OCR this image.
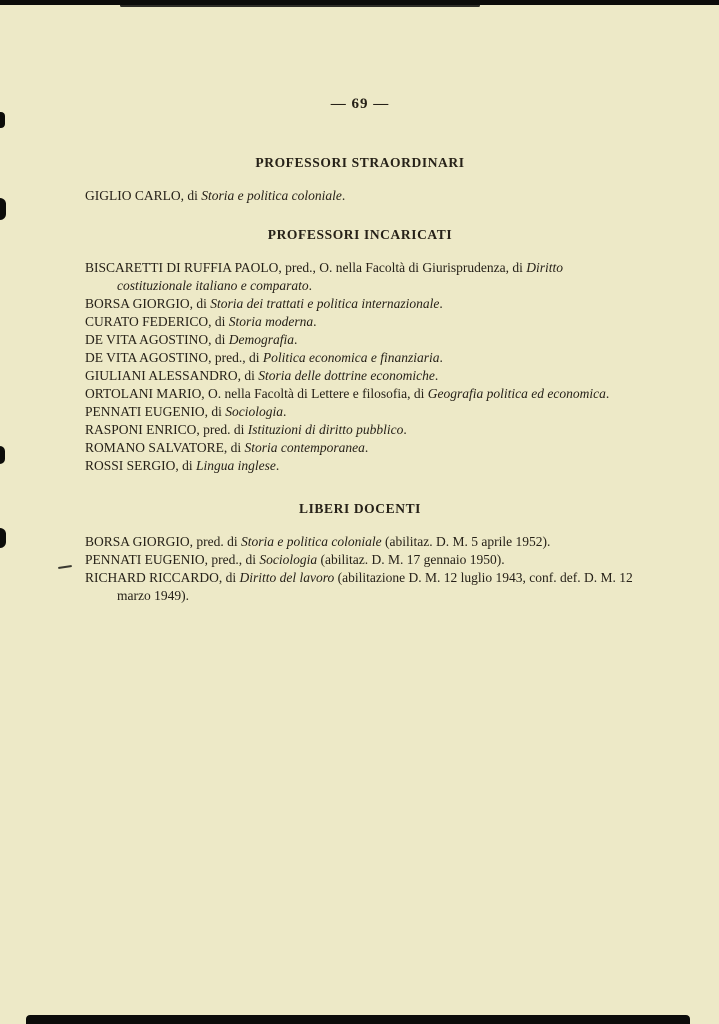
— 69 —
PROFESSORI STRAORDINARI

GIGLIO CARLO, di Storia e politica coloniale.

PROFESSORI INCARICATI

BISCARETTI DI RUFFIA PAOLO, pred., O. nella Facoltà di Giurisprudenza, di Diritto costituzionale italiano e comparato.

BORSA GIORGIO, di Storia dei trattati e politica internazionale.

CURATO FEDERICO, di Storia moderna.

DE VITA AGOSTINO, di Demografia.

DE VITA AGOSTINO, pred., di Politica economica e finanziaria.

GIULIANI ALESSANDRO, di Storia delle dottrine economiche.

ORTOLANI MARIO, O. nella Facoltà di Lettere e filosofia, di Geografia politica ed economica.

PENNATI EUGENIO, di Sociologia.

RASPONI ENRICO, pred. di Istituzioni di diritto pubblico.

ROMANO SALVATORE, di Storia contemporanea.

ROSSI SERGIO, di Lingua inglese.

LIBERI DOCENTI

BORSA GIORGIO, pred. di Storia e politica coloniale (abilitaz. D. M. 5 aprile 1952).

PENNATI EUGENIO, pred., di Sociologia (abilitaz. D. M. 17 gennaio 1950).

RICHARD RICCARDO, di Diritto del lavoro (abilitazione D. M. 12 luglio 1943, conf. def. D. M. 12 marzo 1949).
